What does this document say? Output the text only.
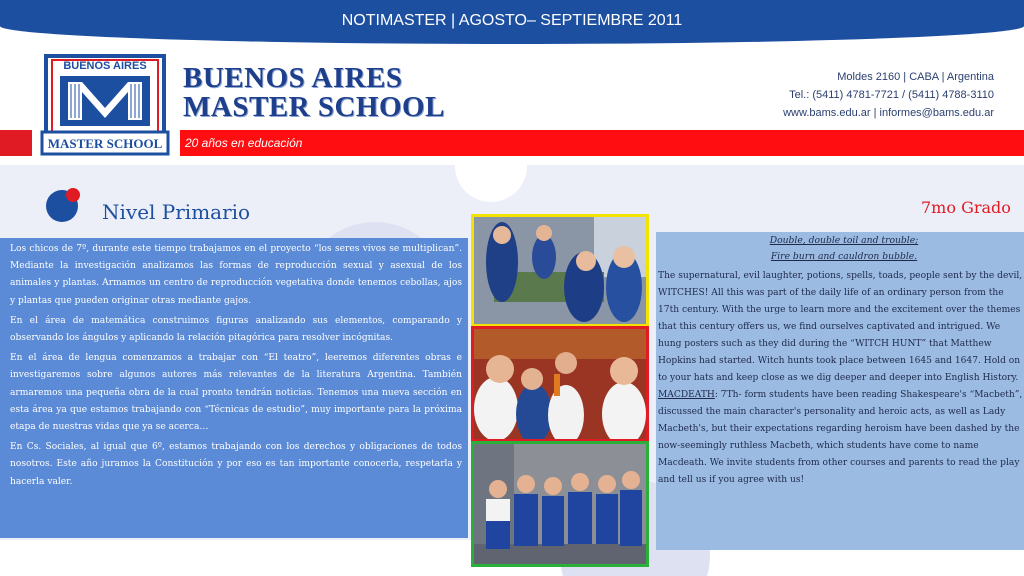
NOTIMASTER | AGOSTO– SEPTIEMBRE 2011
BUENOS AIRES
MASTER SCHOOL
BUENOS AIRES
MASTER SCHOOL
Moldes 2160 | CABA | Argentina
Tel.: (5411) 4781-7721 / (5411) 4788-3110
www.bams.edu.ar | informes@bams.edu.ar
20 años en educación
Nivel Primario	7mo Grado

Los chicos de 7º, durante este tiempo trabajamos en el proyecto “los seres vivos se multiplican”. Mediante la investigación analizamos las formas de reproducción sexual y asexual de los animales y plantas. Armamos un centro de reproducción vegetativa donde tenemos cebollas, ajos y plantas que pueden originar otras mediante gajos.

En el área de matemática construimos figuras analizando sus elementos, comparando y observando los ángulos y aplicando la relación pitagórica para resolver incógnitas.

En el área de lengua comenzamos a trabajar con “El teatro”, leeremos diferentes obras e investigaremos sobre algunos autores más relevantes de la literatura Argentina. También armaremos una pequeña obra de la cual pronto tendrán noticias. Tenemos una nueva sección en esta área ya que estamos trabajando con “Técnicas de estudio”, muy importante para la próxima etapa de nuestras vidas que ya se acerca…

En Cs. Sociales, al igual que 6º, estamos trabajando con los derechos y obligaciones de todos nosotros. Este año juramos la Constitución y por eso es tan importante conocerla, respetarla y hacerla valer.

Double, double toil and trouble;
Fire burn and cauldron bubble.
The supernatural, evil laughter, potions, spells, toads, people sent by the devil, WITCHES! All this was part of the daily life of an ordinary person from the 17th century. With the urge to learn more and the excitement over the themes that this century offers us, we find ourselves captivated and intrigued. We hung posters such as they did during the “WITCH HUNT” that Matthew Hopkins had started. Witch hunts took place between 1645 and 1647. Hold on to your hats and keep close as we dig deeper and deeper into English History.
MACDEATH: 7Th- form students have been reading Shakespeare's “Macbeth”, discussed the main character's personality and heroic acts, as well as Lady Macbeth's, but their expectations regarding heroism have been dashed by the now-seemingly ruthless Macbeth, which students have come to name Macdeath. We invite students from other courses and parents to read the play and tell us if you agree with us!
